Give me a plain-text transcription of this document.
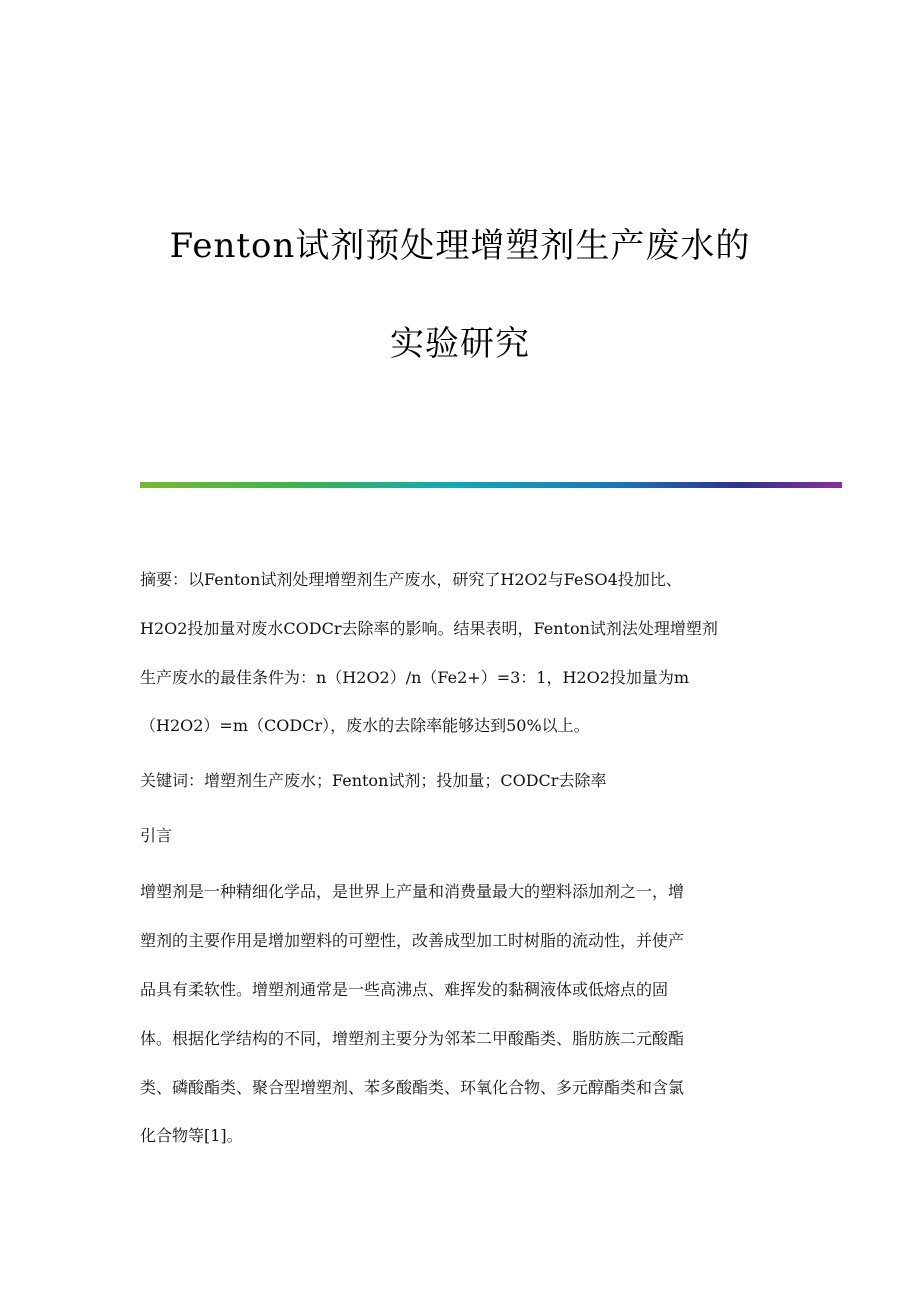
Fenton试剂预处理增塑剂生产废水的
实验研究
摘要：以Fenton试剂处理增塑剂生产废水，研究了H2O2与FeSO4投加比、
H2O2投加量对废水CODCr去除率的影响。结果表明，Fenton试剂法处理增塑剂
生产废水的最佳条件为：n（H2O2）/n（Fe2+）=3：1，H2O2投加量为m
（H2O2）=m（CODCr），废水的去除率能够达到50%以上。
关键词：增塑剂生产废水；Fenton试剂；投加量；CODCr去除率
引言
增塑剂是一种精细化学品，是世界上产量和消费量最大的塑料添加剂之一，增
塑剂的主要作用是增加塑料的可塑性，改善成型加工时树脂的流动性，并使产
品具有柔软性。增塑剂通常是一些高沸点、难挥发的黏稠液体或低熔点的固
体。根据化学结构的不同，增塑剂主要分为邻苯二甲酸酯类、脂肪族二元酸酯
类、磷酸酯类、聚合型增塑剂、苯多酸酯类、环氧化合物、多元醇酯类和含氯
化合物等[1]。
